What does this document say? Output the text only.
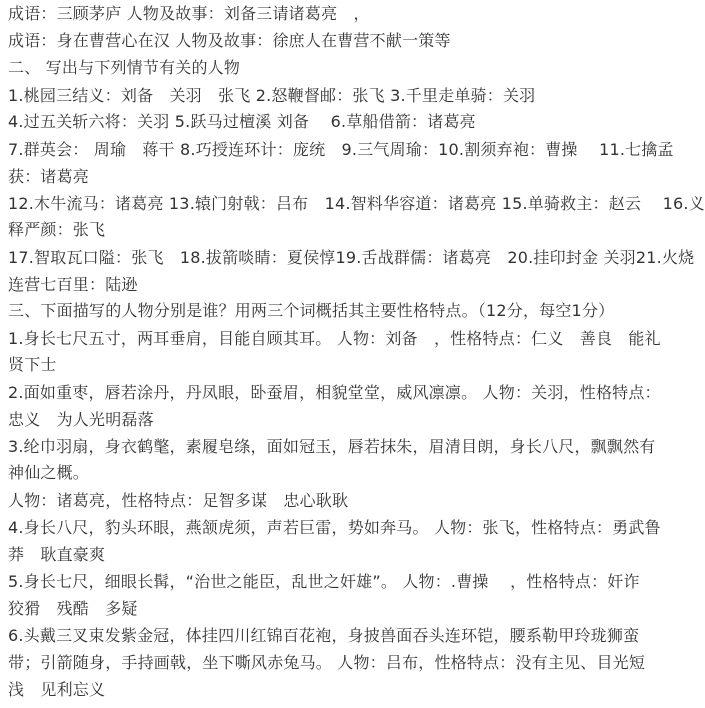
成语：三顾茅庐 人物及故事：刘备三请诸葛亮　，
成语：身在曹营心在汉 人物及故事：徐庶人在曹营不献一策等
二、 写出与下列情节有关的人物
1.桃园三结义：刘备　关羽　张飞 2.怒鞭督邮：张飞 3.千里走单骑：关羽
4.过五关斩六将：关羽 5.跃马过檀溪 刘备　 6.草船借箭：诸葛亮
7.群英会： 周瑜　蒋干 8.巧授连环计：庞统　9.三气周瑜：10.割须弃袍：曹操　 11.七擒孟
获：诸葛亮
12.木牛流马：诸葛亮 13.辕门射戟：吕布　14.智料华容道：诸葛亮 15.单骑救主：赵云　 16.义
释严颜：张飞
17.智取瓦口隘：张飞　18.拔箭啖睛：夏侯惇19.舌战群儒：诸葛亮　20.挂印封金 关羽21.火烧
连营七百里：陆逊
三、下面描写的人物分别是谁？用两三个词概括其主要性格特点。（12分，每空1分）
1.身长七尺五寸，两耳垂肩，目能自顾其耳。 人物：刘备　，性格特点：仁义　善良　能礼
贤下士
2.面如重枣，唇若涂丹，丹凤眼，卧蚕眉，相貌堂堂，威风凛凛。 人物：关羽，性格特点：
忠义　为人光明磊落
3.纶巾羽扇，身衣鹤氅，素履皂绦，面如冠玉，唇若抹朱，眉清目朗，身长八尺，飘飘然有
神仙之概。
人物：诸葛亮，性格特点：足智多谋　忠心耿耿
4.身长八尺，豹头环眼，燕颔虎须，声若巨雷，势如奔马。 人物：张飞，性格特点：勇武鲁
莽　耿直豪爽
5.身长七尺，细眼长髯，“治世之能臣，乱世之奸雄”。 人物：.曹操　 ，性格特点：奸诈
狡猾　残酷　多疑
6.头戴三叉束发紫金冠，体挂四川红锦百花袍，身披兽面吞头连环铠，腰系勒甲玲珑狮蛮
带；引箭随身，手持画戟，坐下嘶风赤兔马。 人物：吕布，性格特点：没有主见、目光短
浅　见利忘义
